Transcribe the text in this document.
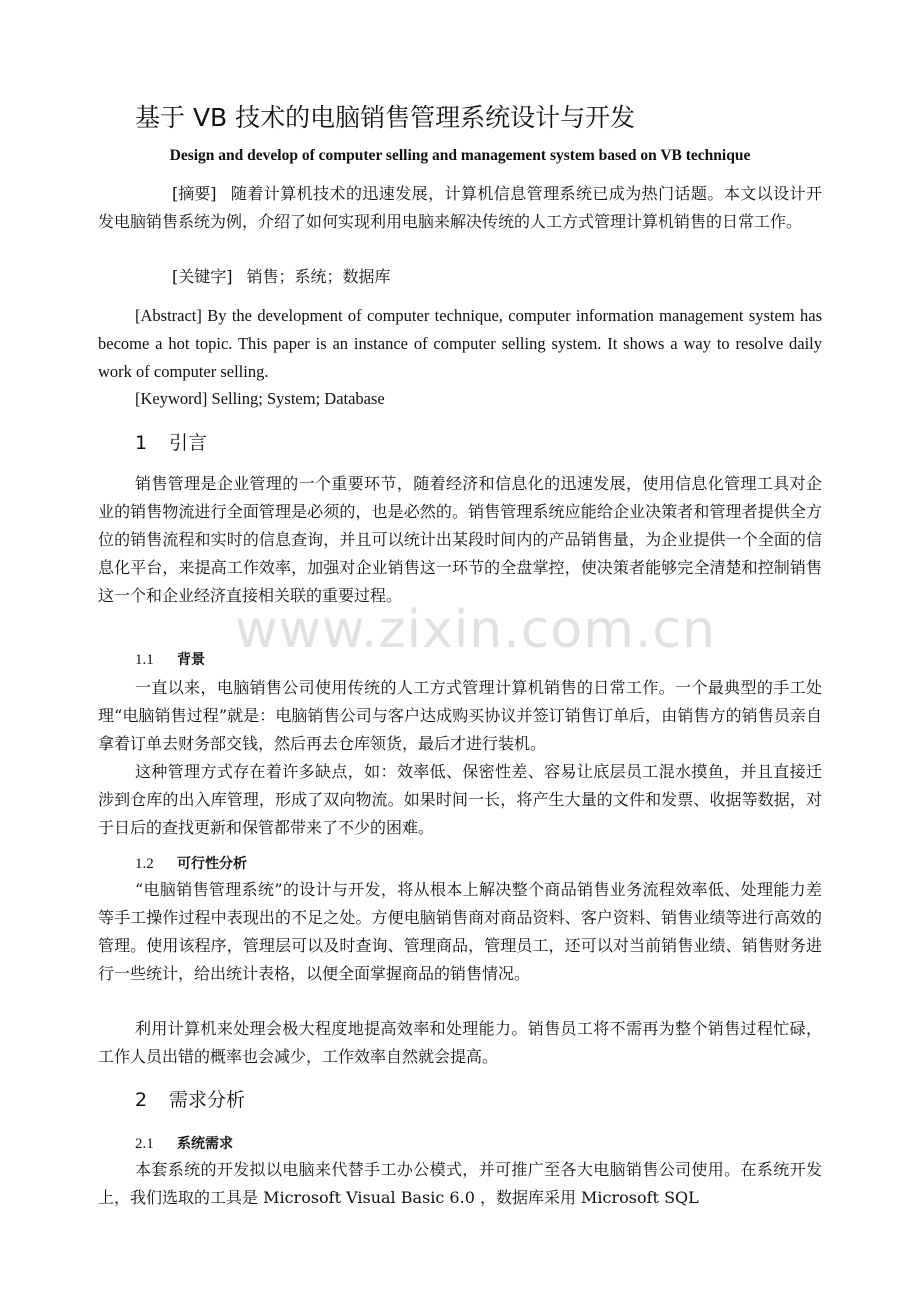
基于 VB 技术的电脑销售管理系统设计与开发
Design and develop of computer selling and management system based on VB technique

[摘要] 随着计算机技术的迅速发展，计算机信息管理系统已成为热门话题。本文以设计开发电脑销售系统为例，介绍了如何实现利用电脑来解决传统的人工方式管理计算机销售的日常工作。

[关键字] 销售；系统；数据库

[Abstract] By the development of computer technique, computer information management system has become a hot topic. This paper is an instance of computer selling system. It shows a way to resolve daily work of computer selling.

[Keyword] Selling; System; Database

1 引言

销售管理是企业管理的一个重要环节，随着经济和信息化的迅速发展，使用信息化管理工具对企业的销售物流进行全面管理是必须的，也是必然的。销售管理系统应能给企业决策者和管理者提供全方位的销售流程和实时的信息查询，并且可以统计出某段时间内的产品销售量，为企业提供一个全面的信息化平台，来提高工作效率，加强对企业销售这一环节的全盘掌控，使决策者能够完全清楚和控制销售这一个和企业经济直接相关联的重要过程。

www.zixin.com.cn
1.1 背景

一直以来，电脑销售公司使用传统的人工方式管理计算机销售的日常工作。一个最典型的手工处理“电脑销售过程”就是：电脑销售公司与客户达成购买协议并签订销售订单后，由销售方的销售员亲自拿着订单去财务部交钱，然后再去仓库领货，最后才进行装机。

这种管理方式存在着许多缺点，如：效率低、保密性差、容易让底层员工混水摸鱼，并且直接迁涉到仓库的出入库管理，形成了双向物流。如果时间一长，将产生大量的文件和发票、收据等数据，对于日后的查找更新和保管都带来了不少的困难。

1.2 可行性分析

“电脑销售管理系统”的设计与开发，将从根本上解决整个商品销售业务流程效率低、处理能力差等手工操作过程中表现出的不足之处。方便电脑销售商对商品资料、客户资料、销售业绩等进行高效的管理。使用该程序，管理层可以及时查询、管理商品，管理员工，还可以对当前销售业绩、销售财务进行一些统计，给出统计表格，以便全面掌握商品的销售情况。

利用计算机来处理会极大程度地提高效率和处理能力。销售员工将不需再为整个销售过程忙碌，工作人员出错的概率也会减少，工作效率自然就会提高。

2 需求分析
2.1 系统需求

本套系统的开发拟以电脑来代替手工办公模式，并可推广至各大电脑销售公司使用。在系统开发上，我们选取的工具是 Microsoft Visual Basic 6.0 ，数据库采用 Microsoft SQL
